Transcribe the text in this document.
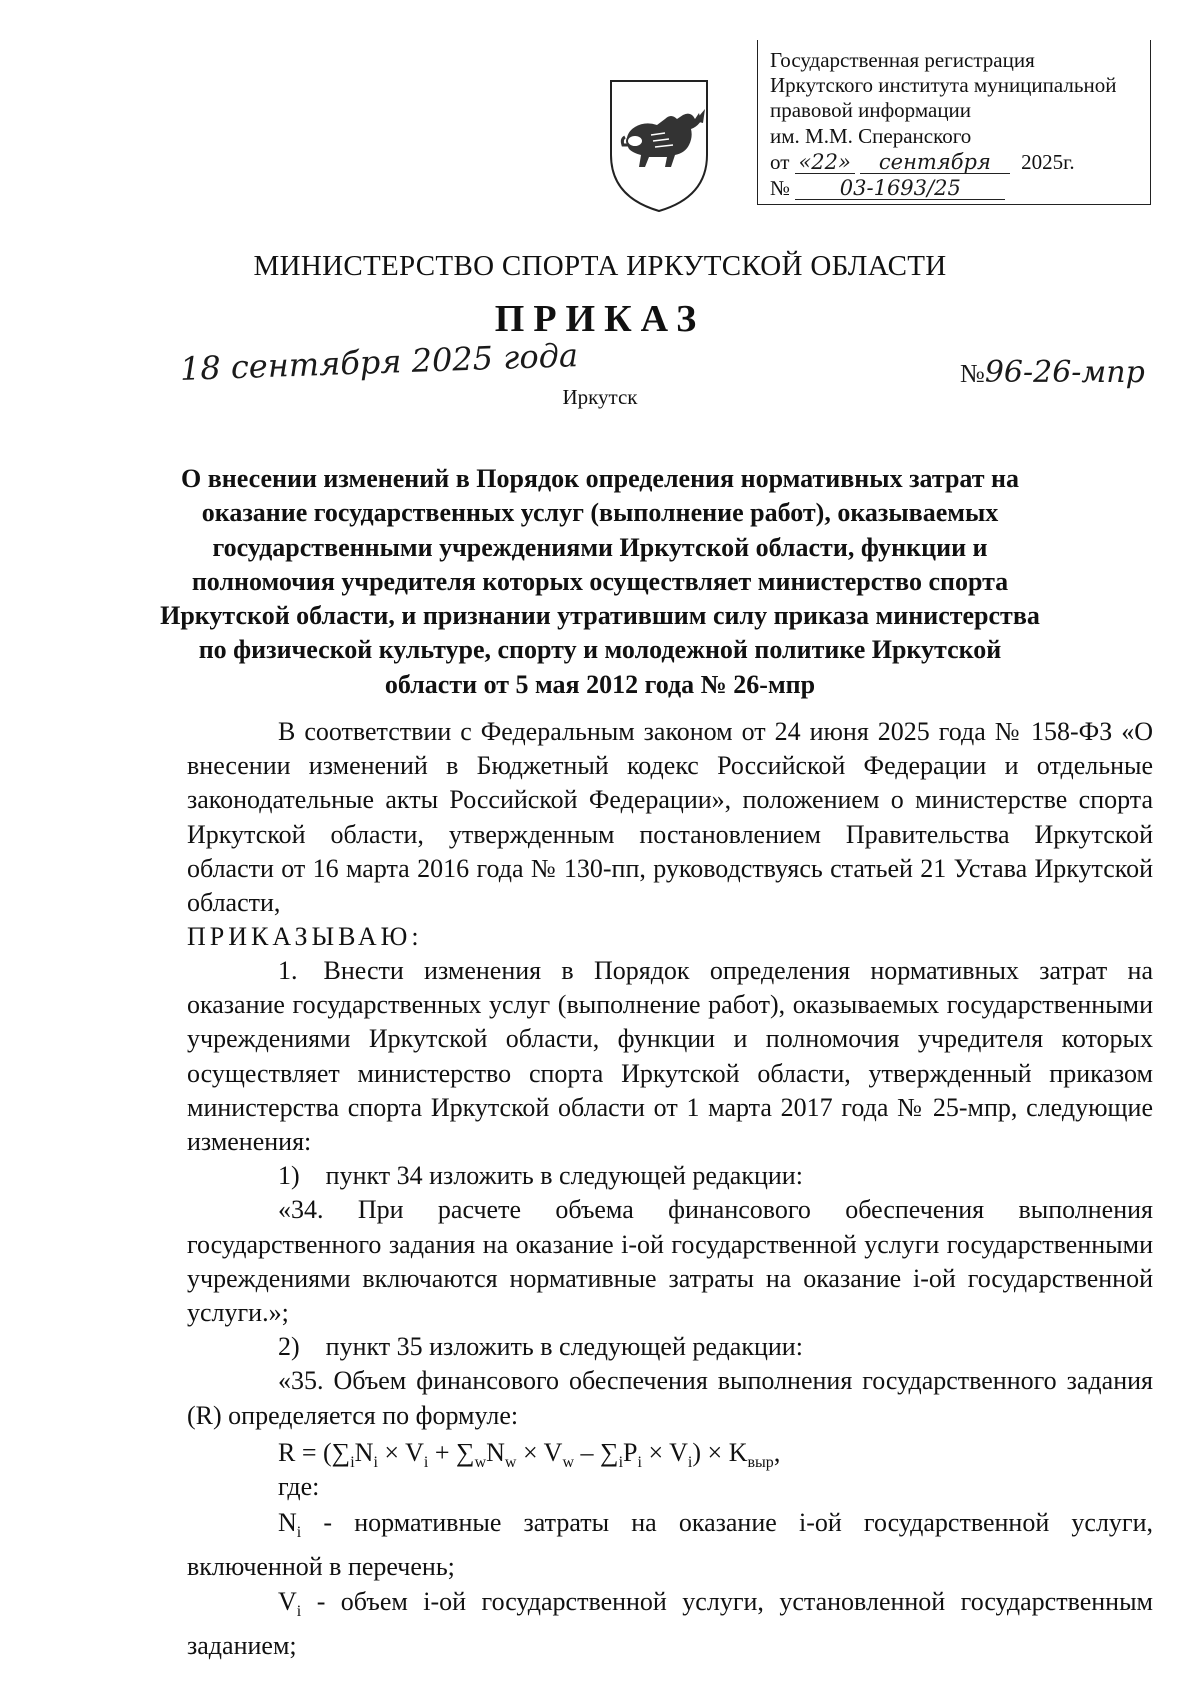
Государственная регистрация
Иркутского института муниципальной
правовой информации
им. М.М. Сперанского
от «22» сентября 2025г.
№ 03-1693/25
МИНИСТЕРСТВО СПОРТА ИРКУТСКОЙ ОБЛАСТИ
ПРИКАЗ
18 сентября 2025 года	№96-26-мпр
Иркутск
О внесении изменений в Порядок определения нормативных затрат на оказание государственных услуг (выполнение работ), оказываемых государственными учреждениями Иркутской области, функции и полномочия учредителя которых осуществляет министерство спорта Иркутской области, и признании утратившим силу приказа министерства по физической культуре, спорту и молодежной политике Иркутской области от 5 мая 2012 года № 26-мпр

В соответствии с Федеральным законом от 24 июня 2025 года № 158-ФЗ «О внесении изменений в Бюджетный кодекс Российской Федерации и отдельные законодательные акты Российской Федерации», положением о министерстве спорта Иркутской области, утвержденным постановлением Правительства Иркутской области от 16 марта 2016 года № 130-пп, руководствуясь статьей 21 Устава Иркутской области,

ПРИКАЗЫВАЮ:

1. Внести изменения в Порядок определения нормативных затрат на оказание государственных услуг (выполнение работ), оказываемых государственными учреждениями Иркутской области, функции и полномочия учредителя которых осуществляет министерство спорта Иркутской области, утвержденный приказом министерства спорта Иркутской области от 1 марта 2017 года № 25-мпр, следующие изменения:

1) пункт 34 изложить в следующей редакции:

«34. При расчете объема финансового обеспечения выполнения государственного задания на оказание i-ой государственной услуги государственными учреждениями включаются нормативные затраты на оказание i-ой государственной услуги.»;

2) пункт 35 изложить в следующей редакции:

«35. Объем финансового обеспечения выполнения государственного задания (R) определяется по формуле:

$R = (\sum_iN_i \times V_i + \sum_wN_w \times V_w - \sum_iP_i \times V_i) \times K_{выр}$,
где:

$N_i$ - нормативные затраты на оказание i-ой государственной услуги, включенной в перечень;

$V_i$ - объем i-ой государственной услуги, установленной государственным заданием;
